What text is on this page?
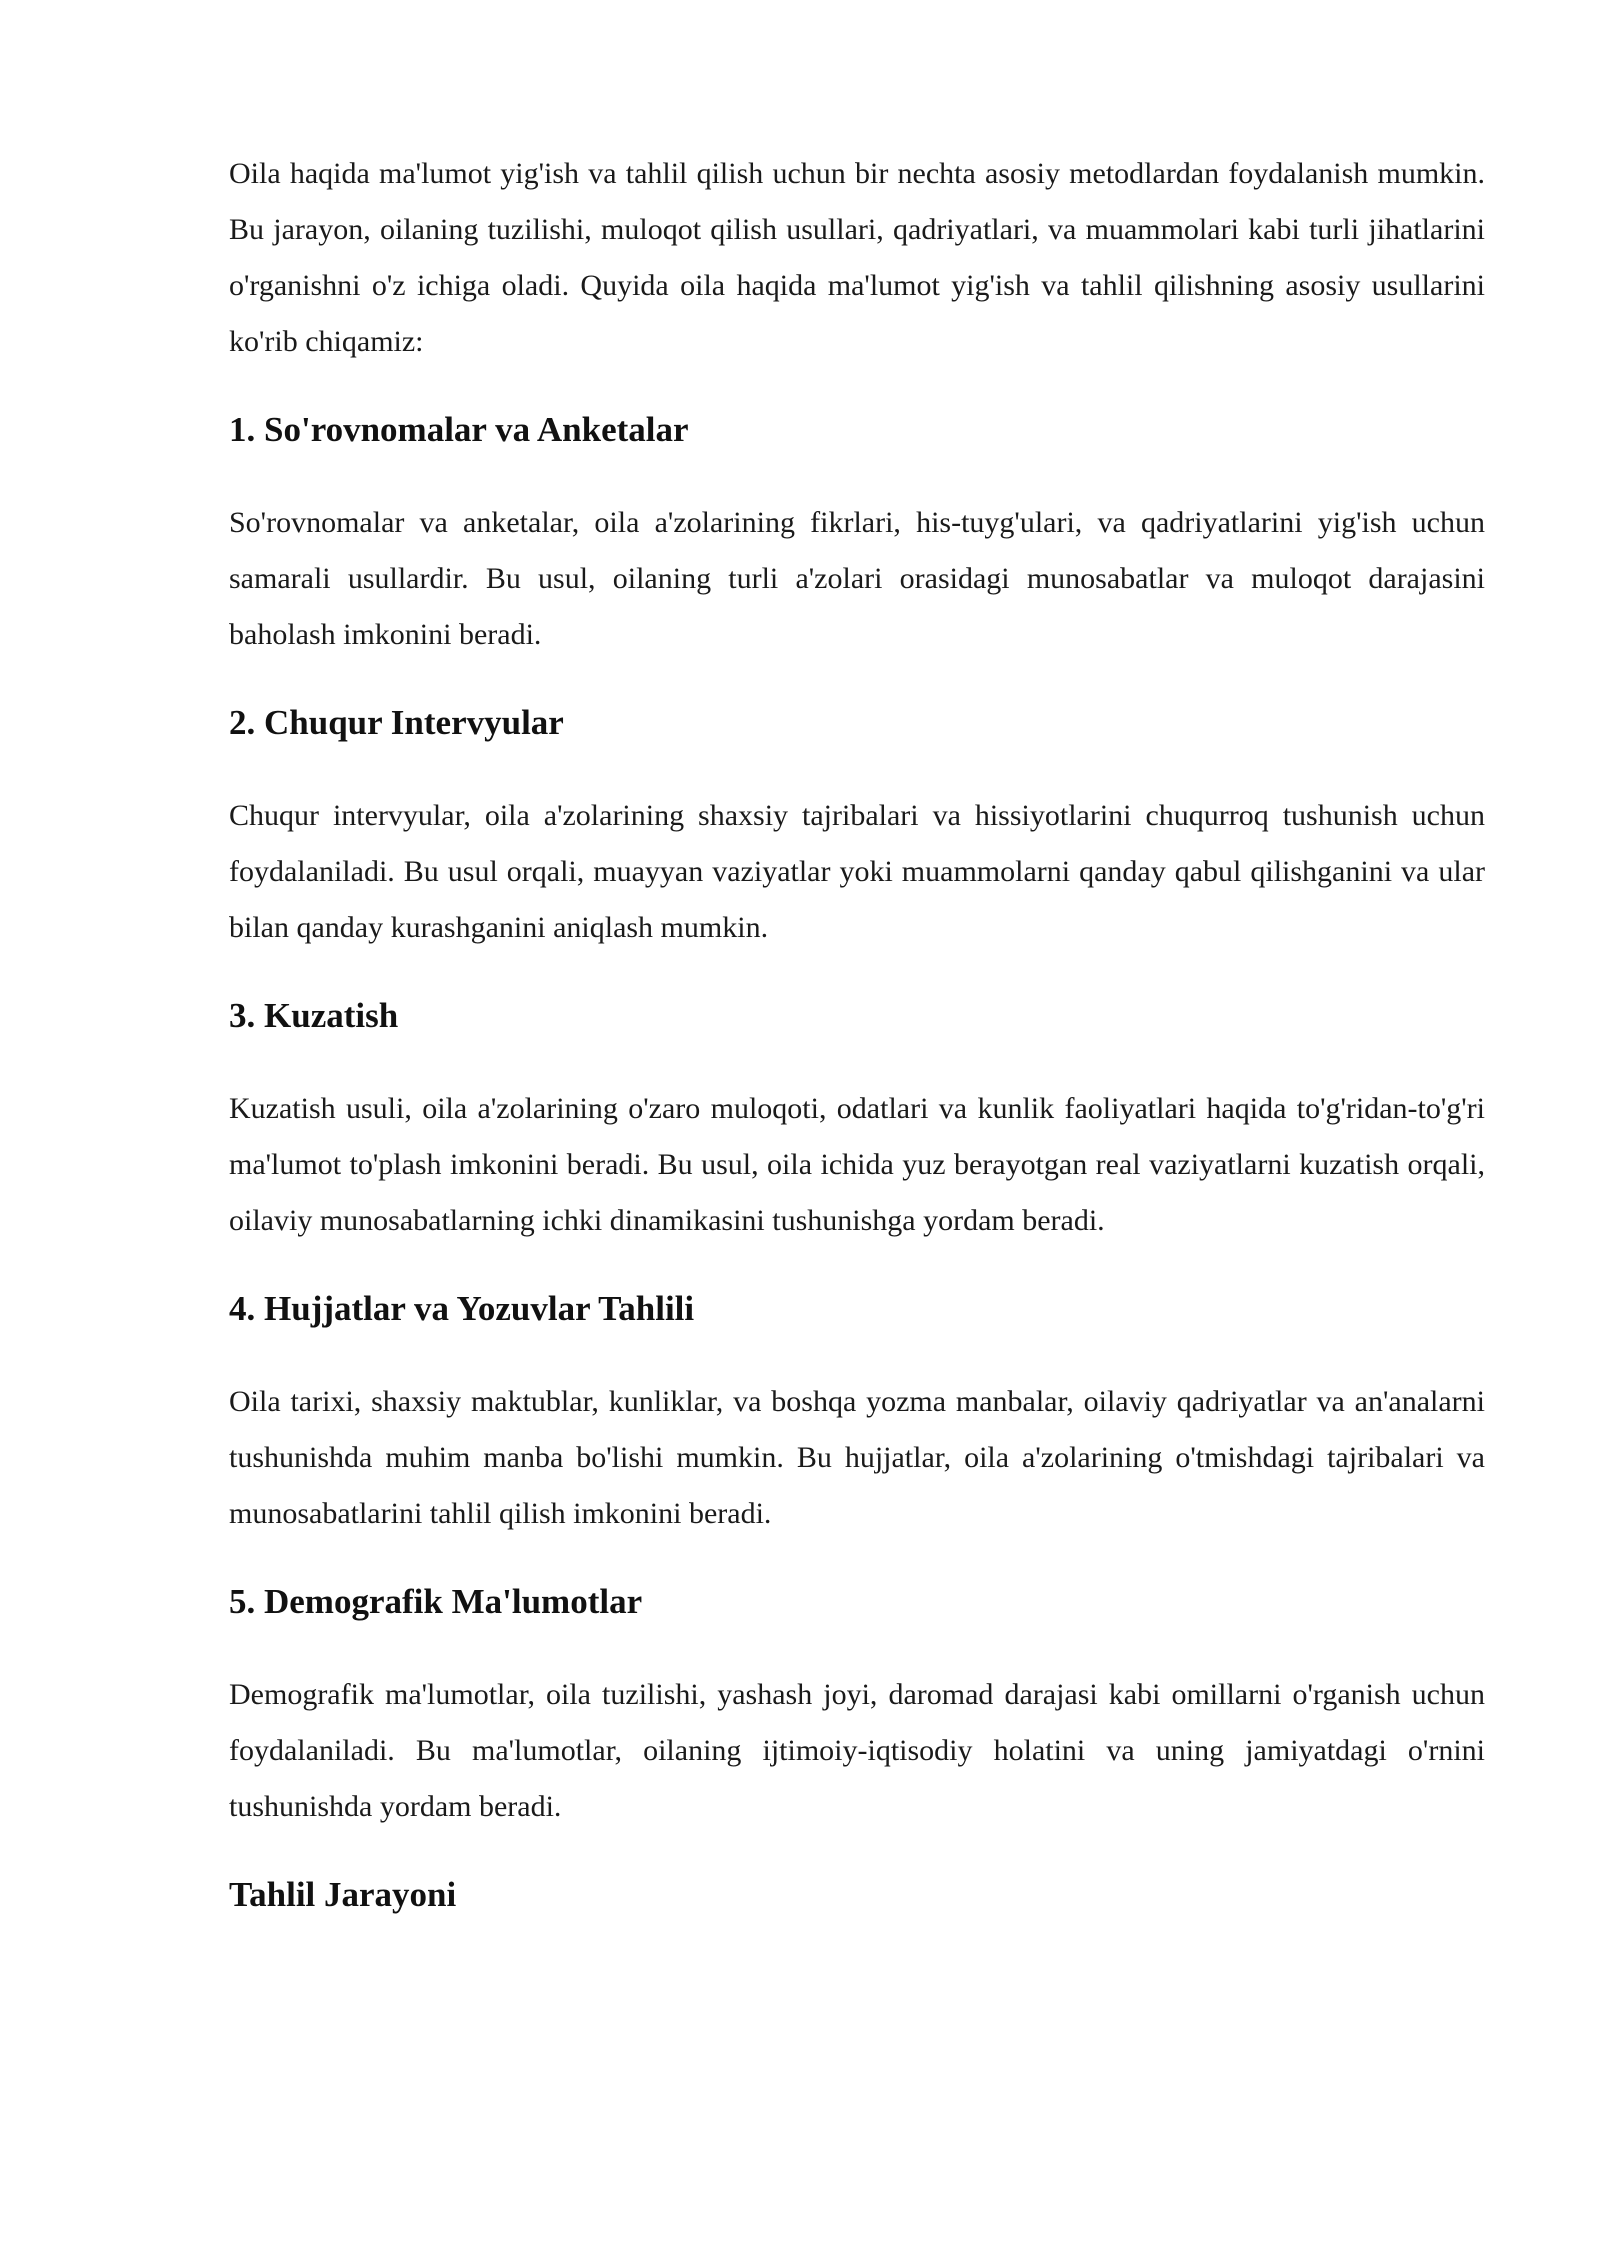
Oila haqida ma'lumot yig'ish va tahlil qilish uchun bir nechta asosiy metodlardan foydalanish mumkin. Bu jarayon, oilaning tuzilishi, muloqot qilish usullari, qadriyatlari, va muammolari kabi turli jihatlarini o'rganishni o'z ichiga oladi. Quyida oila haqida ma'lumot yig'ish va tahlil qilishning asosiy usullarini ko'rib chiqamiz:

1. So'rovnomalar va Anketalar

So'rovnomalar va anketalar, oila a'zolarining fikrlari, his-tuyg'ulari, va qadriyatlarini yig'ish uchun samarali usullardir. Bu usul, oilaning turli a'zolari orasidagi munosabatlar va muloqot darajasini baholash imkonini beradi.

2. Chuqur Intervyular

Chuqur intervyular, oila a'zolarining shaxsiy tajribalari va hissiyotlarini chuqurroq tushunish uchun foydalaniladi. Bu usul orqali, muayyan vaziyatlar yoki muammolarni qanday qabul qilishganini va ular bilan qanday kurashganini aniqlash mumkin.

3. Kuzatish

Kuzatish usuli, oila a'zolarining o'zaro muloqoti, odatlari va kunlik faoliyatlari haqida to'g'ridan-to'g'ri ma'lumot to'plash imkonini beradi. Bu usul, oila ichida yuz berayotgan real vaziyatlarni kuzatish orqali, oilaviy munosabatlarning ichki dinamikasini tushunishga yordam beradi.

4. Hujjatlar va Yozuvlar Tahlili

Oila tarixi, shaxsiy maktublar, kunliklar, va boshqa yozma manbalar, oilaviy qadriyatlar va an'analarni tushunishda muhim manba bo'lishi mumkin. Bu hujjatlar, oila a'zolarining o'tmishdagi tajribalari va munosabatlarini tahlil qilish imkonini beradi.

5. Demografik Ma'lumotlar

Demografik ma'lumotlar, oila tuzilishi, yashash joyi, daromad darajasi kabi omillarni o'rganish uchun foydalaniladi. Bu ma'lumotlar, oilaning ijtimoiy-iqtisodiy holatini va uning jamiyatdagi o'rnini tushunishda yordam beradi.

Tahlil Jarayoni
